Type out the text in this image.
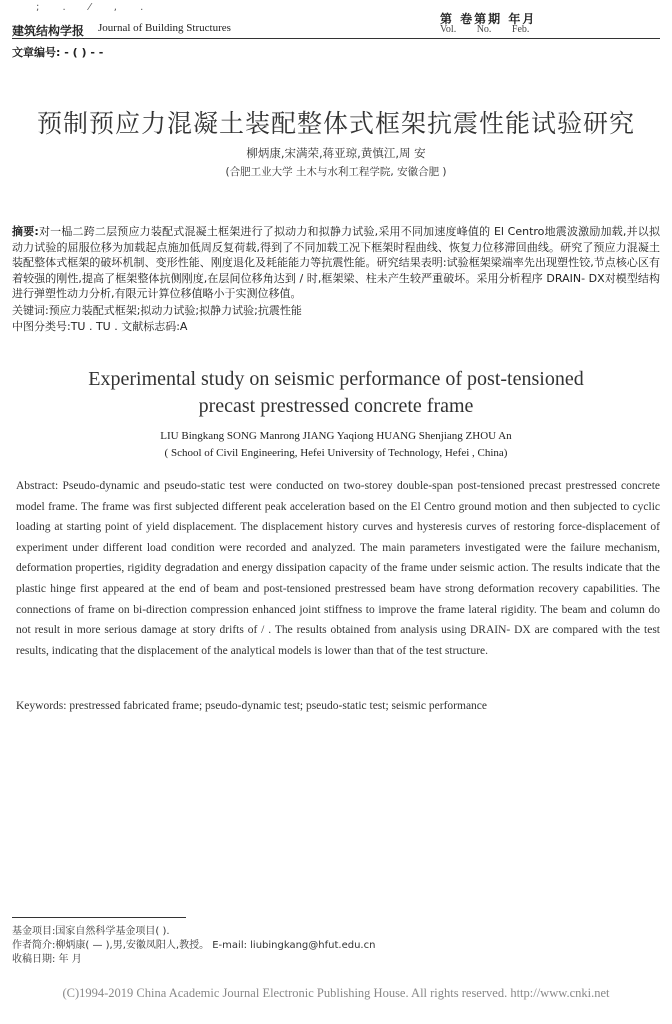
; . ⁄ , .
建筑结构学报 Journal of Building Structures
第 卷第期 年月
Vol. No. Feb.
文章编号: - ( ) - -
预制预应力混凝土装配整体式框架抗震性能试验研究
柳炳康,宋满荣,蒋亚琼,黄慎江,周 安
(合肥工业大学 土木与水利工程学院, 安徽合肥 )
摘要:对一榀二跨二层预应力装配式混凝土框架进行了拟动力和拟静力试验,采用不同加速度峰值的 El Centro地震波激励加载,并以拟动力试验的屈服位移为加载起点施加低周反复荷载,得到了不同加载工况下框架时程曲线、恢复力位移滞回曲线。研究了预应力混凝土装配整体式框架的破坏机制、变形性能、刚度退化及耗能能力等抗震性能。研究结果表明:试验框架梁端率先出现塑性铰,节点核心区有着较强的刚性,提高了框架整体抗侧刚度,在层间位移角达到 / 时,框架梁、柱未产生较严重破坏。采用分析程序 DRAIN- DX对模型结构进行弹塑性动力分析,有限元计算位移值略小于实测位移值。
关键词:预应力装配式框架;拟动力试验;拟静力试验;抗震性能
中图分类号:TU . TU . 文献标志码:A
Experimental study on seismic performance of post-tensioned
precast prestressed concrete frame
LIU Bingkang SONG Manrong JIANG Yaqiong HUANG Shenjiang ZHOU An
( School of Civil Engineering, Hefei University of Technology, Hefei , China)
Abstract: Pseudo-dynamic and pseudo-static test were conducted on two-storey double-span post-tensioned precast prestressed concrete model frame. The frame was first subjected different peak acceleration based on the El Centro ground motion and then subjected to cyclic loading at starting point of yield displacement. The displacement history curves and hysteresis curves of restoring force-displacement of experiment under different load condition were recorded and analyzed. The main parameters investigated were the failure mechanism, deformation properties, rigidity degradation and energy dissipation capacity of the frame under seismic action. The results indicate that the plastic hinge first appeared at the end of beam and post-tensioned prestressed beam have strong deformation recovery capabilities. The connections of frame on bi-direction compression enhanced joint stiffness to improve the frame lateral rigidity. The beam and column do not result in more serious damage at story drifts of / . The results obtained from analysis using DRAIN- DX are compared with the test results, indicating that the displacement of the analytical models is lower than that of the test structure.
Keywords: prestressed fabricated frame; pseudo-dynamic test; pseudo-static test; seismic performance
基金项目:国家自然科学基金项目( ).
作者简介:柳炳康( — ),男,安徽凤阳人,教授。 E-mail: liubingkang@hfut.edu.cn
收稿日期: 年 月
(C)1994-2019 China Academic Journal Electronic Publishing House. All rights reserved. http://www.cnki.net
